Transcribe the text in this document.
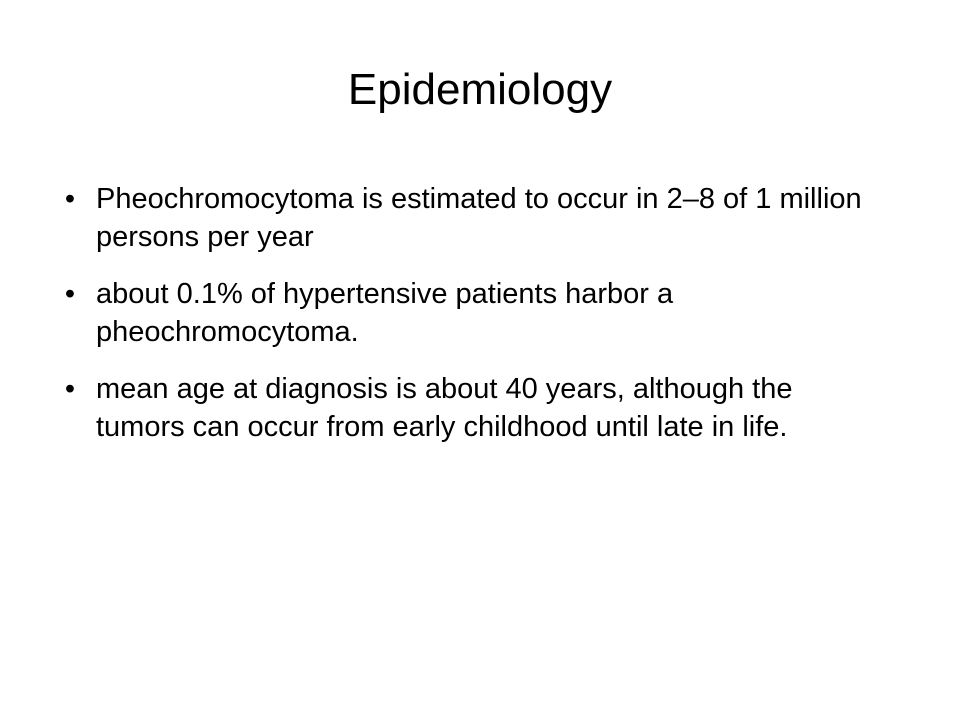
Epidemiology
• Pheochromocytoma is estimated to occur in 2–8 of 1 million persons per year
• about 0.1% of hypertensive patients harbor a pheochromocytoma.
• mean age at diagnosis is about 40 years, although the tumors can occur from early childhood until late in life.
